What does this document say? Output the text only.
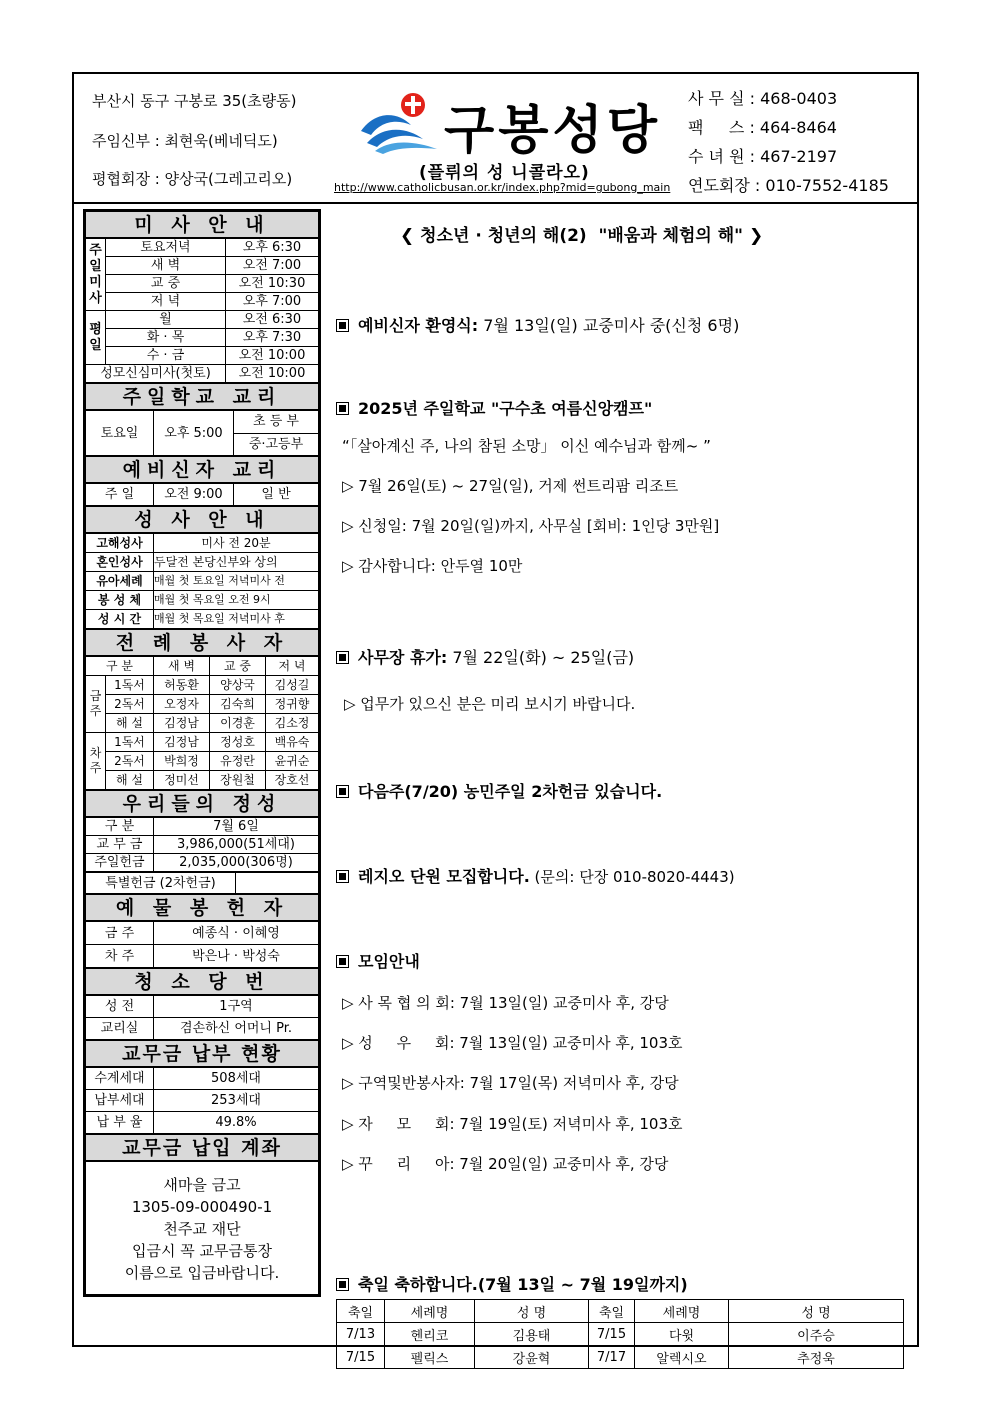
부산시 동구 구봉로 35(초량동)
주임신부 : 최현욱(베네딕도)
평협회장 : 양상국(그레고리오)
구봉성당
(플뤼의 성 니콜라오)
http://www.catholicbusan.or.kr/index.php?mid=gubong_main
사 무 실 : 468-0403
팩     스 : 464-8464
수 녀 원 : 467-2197
연도회장 : 010-7552-4185
미 사 안 내
주일미사	토요저녁	오후 6:30
	새 벽	오전 7:00
	교 중	오전 10:30
	저 녁	오후 7:00
평일	월	오전 6:30
	화 · 목	오후 7:30
	수 · 금	오전 10:00
성모신심미사(첫토)		오전 10:00
주일학교 교리
토요일	오후 5:00	초 등 부
중·고등부
예비신자 교리
주 일	오전 9:00	일 반
성 사 안 내
고해성사	미사 전 20분
혼인성사	두달전 본당신부와 상의
유아세례	매월 첫 토요일 저녁미사 전
봉 성 체	매월 첫 목요일 오전 9시
성 시 간	매월 첫 목요일 저녁미사 후
전 례 봉 사 자
구 분		새 벽	교 중	저 녁
금주	1독서	허동환	양상국	김성길
	2독서	오정자	김숙희	정귀향
	해 설	김정남	이경훈	김소정
차주	1독서	김정남	정성호	백유숙
	2독서	박희정	유정란	윤귀순
	해 설	정미선	장원철	장호선
우리들의 정성
구 분	7월 6일
교 무 금	3,986,000(51세대)
주일헌금	2,035,000(306명)
특별헌금 (2차헌금)	
예 물 봉 헌 자
금 주	예종식 · 이혜영
차 주	박은나 · 박성숙
청 소 당 번
성 전	1구역
교리실	겸손하신 어머니 Pr.
교무금 납부 현황
수계세대	508세대
납부세대	253세대
납 부 율	49.8%
교무금 납입 계좌
새마을 금고
1305-09-000490-1
천주교 재단
입금시 꼭 교무금통장
이름으로 입금바랍니다.
❮ 청소년 · 청년의 해(2)  "배움과 체험의 해" ❯
예비신자 환영식: 7월 13일(일) 교중미사 중(신청 6명)
2025년 주일학교 "구수초 여름신앙캠프"
“「살아계신 주, 나의 참된 소망」 이신 예수님과 함께~ ”
▷ 7월 26일(토) ~ 27일(일), 거제 썬트리팜 리조트
▷ 신청일: 7월 20일(일)까지, 사무실 [회비: 1인당 3만원]
▷ 감사합니다: 안두열 10만
사무장 휴가: 7월 22일(화) ~ 25일(금)
▷ 업무가 있으신 분은 미리 보시기 바랍니다.
다음주(7/20) 농민주일 2차헌금 있습니다.
레지오 단원 모집합니다. (문의: 단장 010-8020-4443)
모임안내
▷ 사 목 협 의 회: 7월 13일(일) 교중미사 후, 강당
▷ 성     우     회: 7월 13일(일) 교중미사 후, 103호
▷ 구역및반봉사자: 7월 17일(목) 저녁미사 후, 강당
▷ 자     모     회: 7월 19일(토) 저녁미사 후, 103호
▷ 꾸     리     아: 7월 20일(일) 교중미사 후, 강당
축일 축하합니다.(7월 13일 ~ 7월 19일까지)
축일	세례명	성 명	축일	세례명	성 명
7/13	헨리코	김용태	7/15	다윗	이주승
7/15	펠릭스	강윤혁	7/17	알렉시오	추정욱
